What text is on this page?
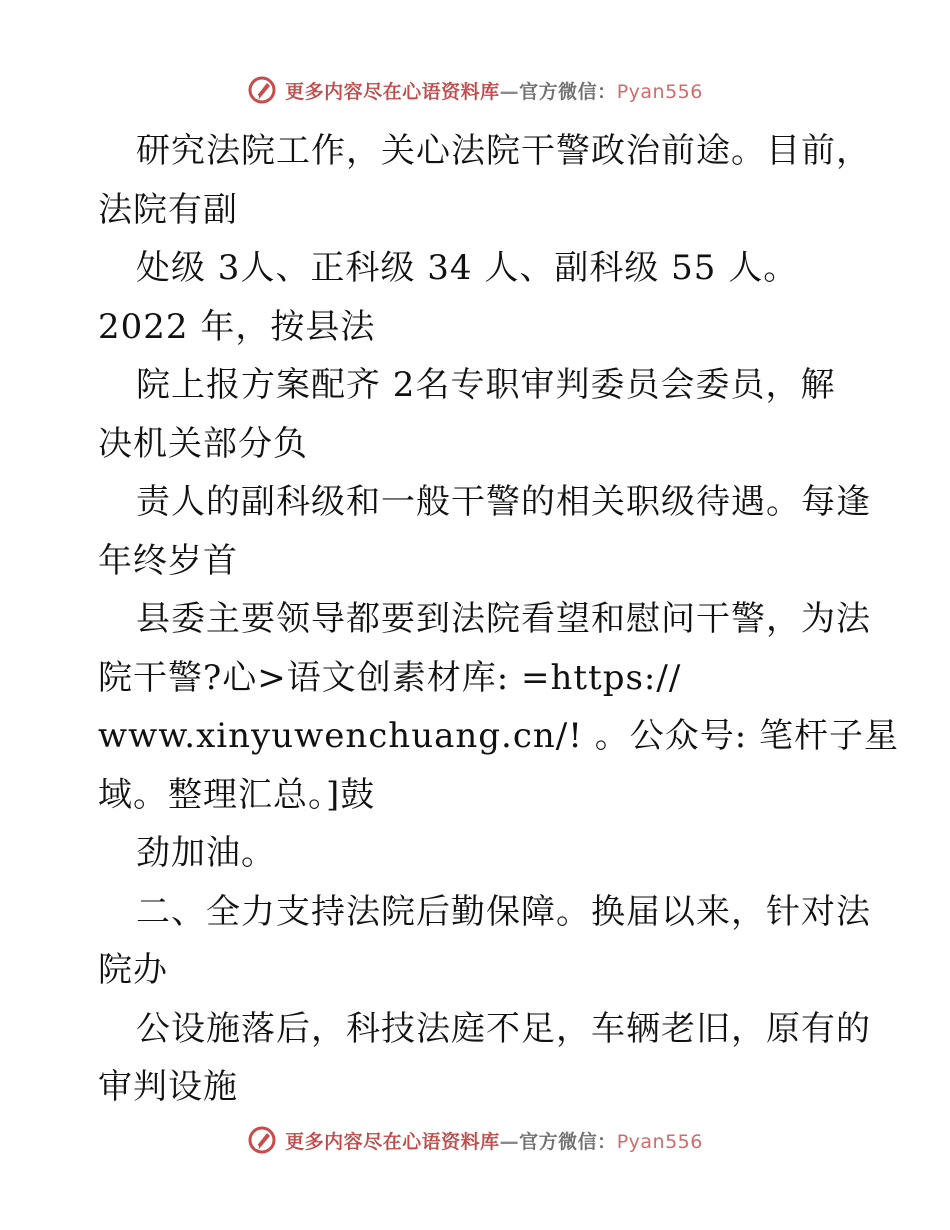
更多内容尽在心语资料库—官方微信：Pyan556
研究法院工作，关心法院干警政治前途。目前，
法院有副
处级 3人、正科级 34 人、副科级 55 人。
2022 年，按县法
院上报方案配齐 2名专职审判委员会委员，解
决机关部分负
责人的副科级和一般干警的相关职级待遇。每逢
年终岁首
县委主要领导都要到法院看望和慰问干警，为法
院干警?心>语文创素材库: =https://
www.xinyuwenchuang.cn/! 。公众号: 笔杆子星
域。整理汇总。]鼓
劲加油。
二、全力支持法院后勤保障。换届以来，针对法
院办
公设施落后，科技法庭不足，车辆老旧，原有的
审判设施
更多内容尽在心语资料库—官方微信：Pyan556
